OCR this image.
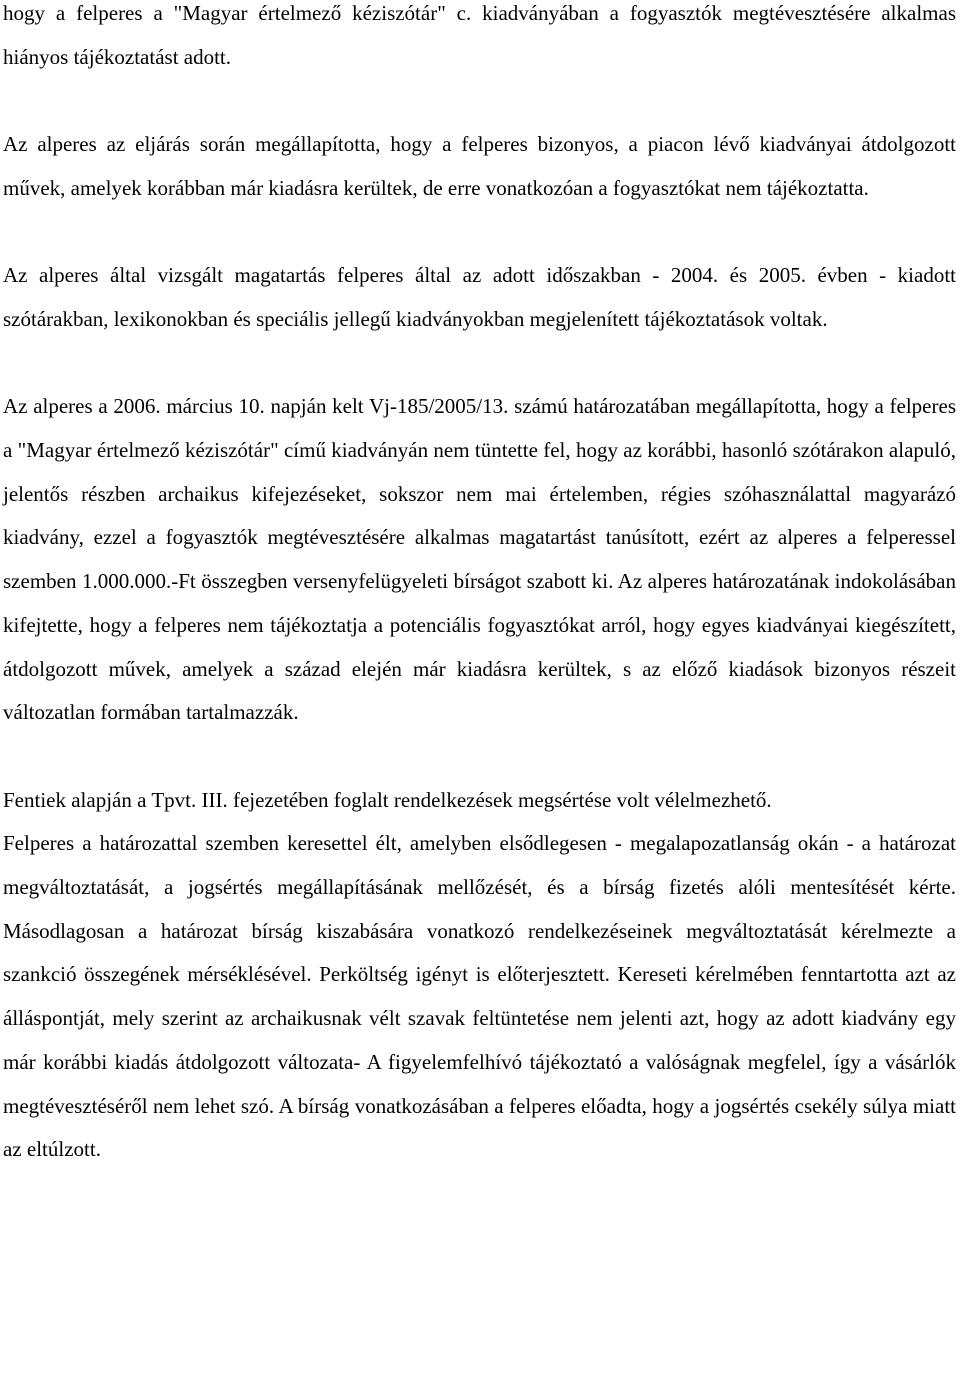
hogy a felperes a "Magyar értelmező kéziszótár" c. kiadványában a fogyasztók megtévesztésére alkalmas hiányos tájékoztatást adott.

Az alperes az eljárás során megállapította, hogy a felperes bizonyos, a piacon lévő kiadványai átdolgozott művek, amelyek korábban már kiadásra kerültek, de erre vonatkozóan a fogyasztókat nem tájékoztatta.

Az alperes által vizsgált magatartás felperes által az adott időszakban - 2004. és 2005. évben - kiadott szótárakban, lexikonokban és speciális jellegű kiadványokban megjelenített tájékoztatások voltak.

Az alperes a 2006. március 10. napján kelt Vj-185/2005/13. számú határozatában megállapította, hogy a felperes a "Magyar értelmező kéziszótár" című kiadványán nem tüntette fel, hogy az korábbi, hasonló szótárakon alapuló, jelentős részben archaikus kifejezéseket, sokszor nem mai értelemben, régies szóhasználattal magyarázó kiadvány, ezzel a fogyasztók megtévesztésére alkalmas magatartást tanúsított, ezért az alperes a felperessel szemben 1.000.000.-Ft összegben versenyfelügyeleti bírságot szabott ki. Az alperes határozatának indokolásában kifejtette, hogy a felperes nem tájékoztatja a potenciális fogyasztókat arról, hogy egyes kiadványai kiegészített, átdolgozott művek, amelyek a század elején már kiadásra kerültek, s az előző kiadások bizonyos részeit változatlan formában tartalmazzák.

Fentiek alapján a Tpvt. III. fejezetében foglalt rendelkezések megsértése volt vélelmezhető.

Felperes a határozattal szemben keresettel élt, amelyben elsődlegesen - megalapozatlanság okán - a határozat megváltoztatását, a jogsértés megállapításának mellőzését, és a bírság fizetés alóli mentesítését kérte. Másodlagosan a határozat bírság kiszabására vonatkozó rendelkezéseinek megváltoztatását kérelmezte a szankció összegének mérséklésével. Perköltség igényt is előterjesztett. Kereseti kérelmében fenntartotta azt az álláspontját, mely szerint az archaikusnak vélt szavak feltüntetése nem jelenti azt, hogy az adott kiadvány egy már korábbi kiadás átdolgozott változata- A figyelemfelhívó tájékoztató a valóságnak megfelel, így a vásárlók megtévesztéséről nem lehet szó. A bírság vonatkozásában a felperes előadta, hogy a jogsértés csekély súlya miatt az eltúlzott.
